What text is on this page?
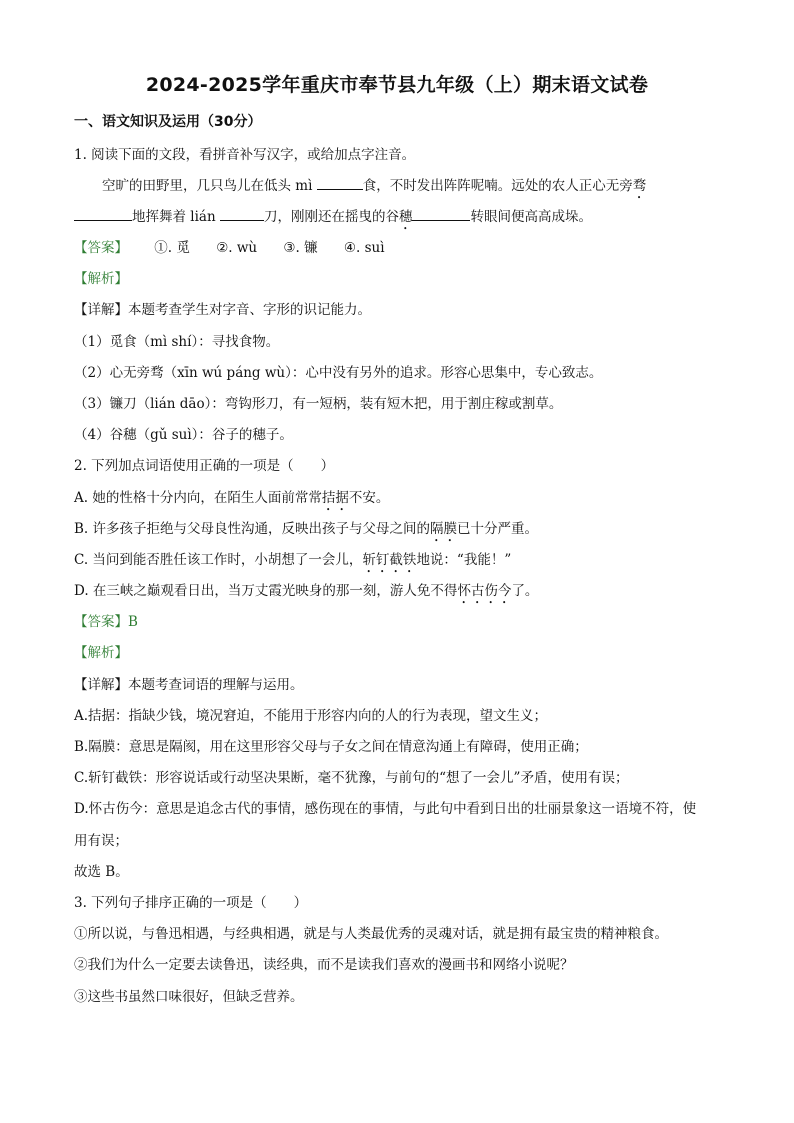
2024-2025学年重庆市奉节县九年级（上）期末语文试卷
一、语文知识及运用（30分）
1. 阅读下面的文段，看拼音补写汉字，或给加点字注音。
空旷的田野里，几只鸟儿在低头 mì	食，不时发出阵阵呢喃。远处的农人正心无旁骛
地挥舞着 lián	刀，刚刚还在摇曳的谷穗	转眼间便高高成垛。
【答案】 ①. 觅 ②. wù ③. 镰 ④. suì
【解析】
【详解】本题考查学生对字音、字形的识记能力。
（1）觅食（mì shí）：寻找食物。
（2）心无旁骛（xīn wú páng wù）：心中没有另外的追求。形容心思集中，专心致志。
（3）镰刀（lián dāo）：弯钩形刀，有一短柄，装有短木把，用于割庄稼或割草。
（4）谷穗（gǔ suì）：谷子的穗子。
2. 下列加点词语使用正确的一项是（　　）
A. 她的性格十分内向，在陌生人面前常常拮据不安。
B. 许多孩子拒绝与父母良性沟通，反映出孩子与父母之间的隔膜已十分严重。
C. 当问到能否胜任该工作时，小胡想了一会儿，斩钉截铁地说：“我能！”
D. 在三峡之巅观看日出，当万丈霞光映身的那一刻，游人免不得怀古伤今了。
【答案】B
【解析】
【详解】本题考查词语的理解与运用。
A.拮据：指缺少钱，境况窘迫，不能用于形容内向的人的行为表现，望文生义；
B.隔膜：意思是隔阂，用在这里形容父母与子女之间在情意沟通上有障碍，使用正确；
C.斩钉截铁：形容说话或行动坚决果断，毫不犹豫，与前句的“想了一会儿”矛盾，使用有误；
D.怀古伤今：意思是追念古代的事情，感伤现在的事情，与此句中看到日出的壮丽景象这一语境不符，使
用有误；
故选 B。
3. 下列句子排序正确的一项是（　　）
①所以说，与鲁迅相遇，与经典相遇，就是与人类最优秀的灵魂对话，就是拥有最宝贵的精神粮食。
②我们为什么一定要去读鲁迅，读经典，而不是读我们喜欢的漫画书和网络小说呢？
③这些书虽然口味很好，但缺乏营养。
